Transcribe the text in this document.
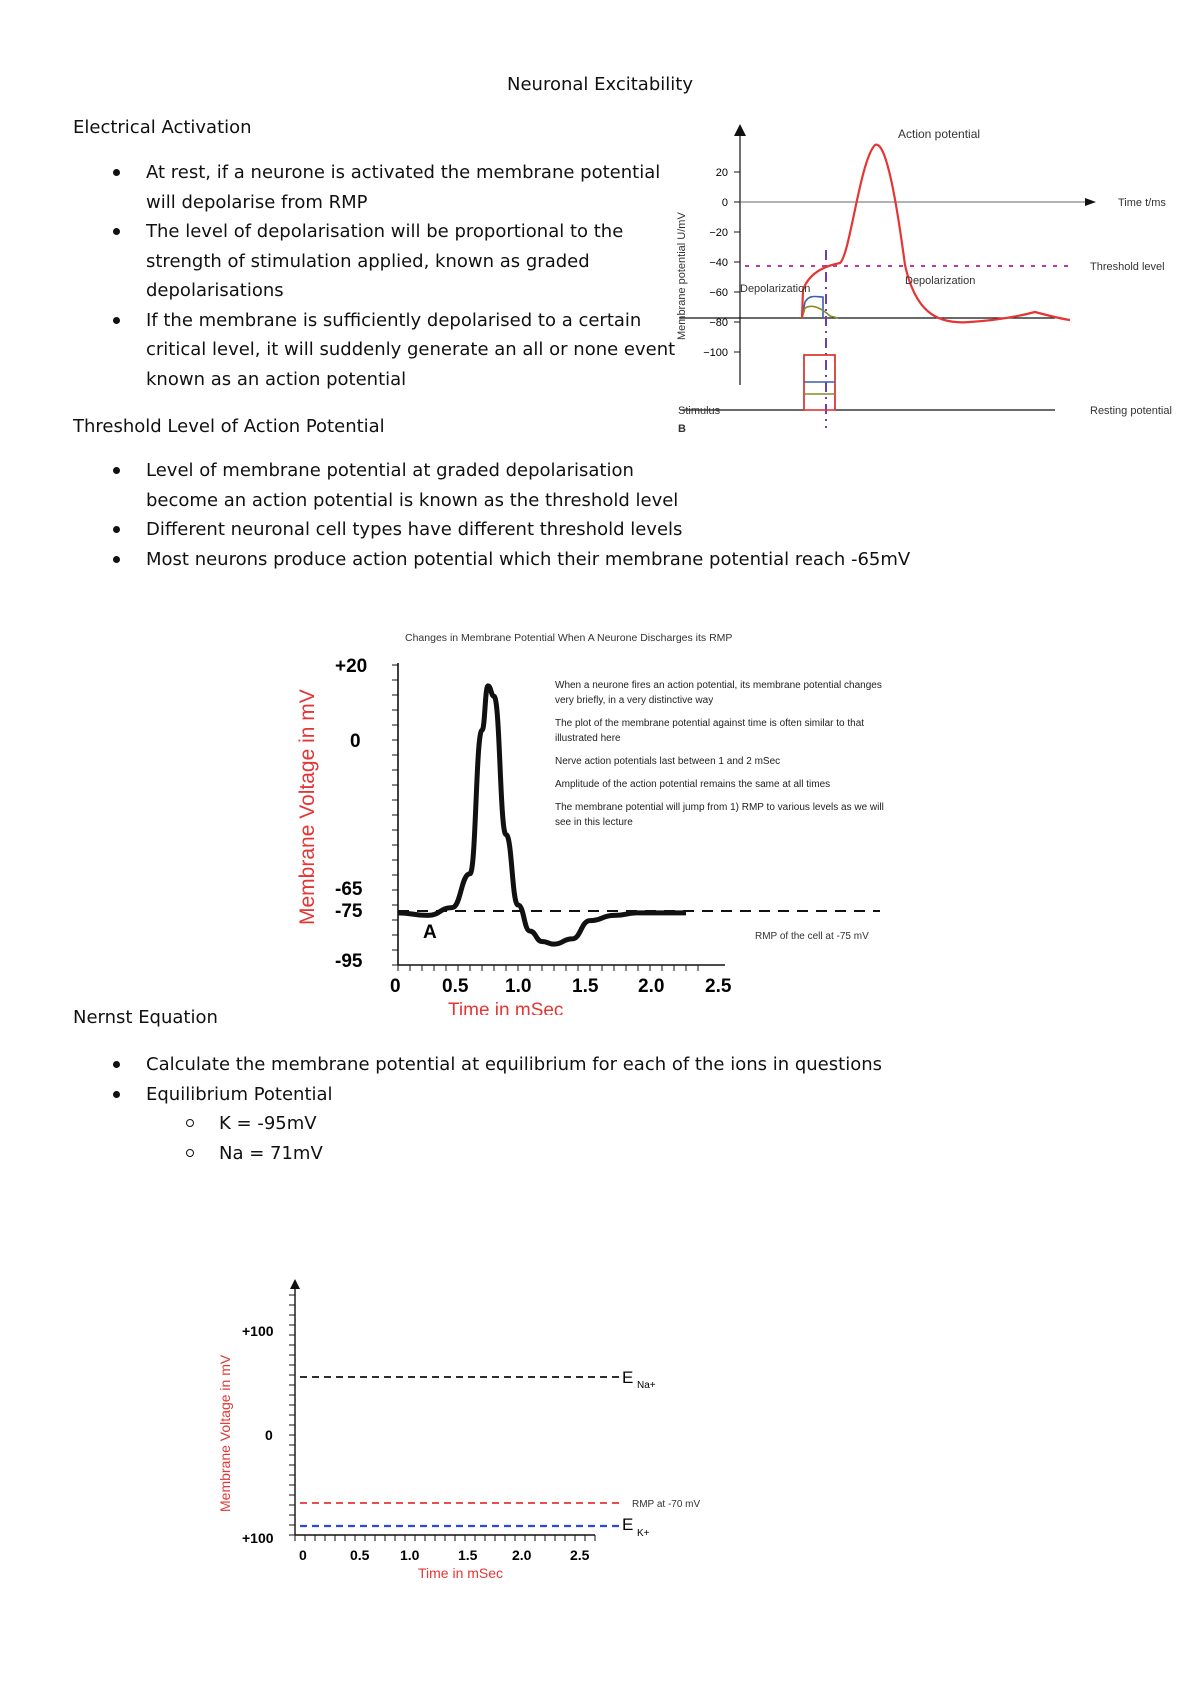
Neuronal Excitability
Electrical Activation
At rest, if a neurone is activated the membrane potential will depolarise from RMP
The level of depolarisation will be proportional to the strength of stimulation applied, known as graded depolarisations
If the membrane is sufficiently depolarised to a certain critical level, it will suddenly generate an all or none event known as an action potential
Threshold Level of Action Potential
Level of membrane potential at graded depolarisation become an action potential is known as the threshold level
Different neuronal cell types have different threshold levels
Most neurons produce action potential which their membrane potential reach -65mV
Nernst Equation
Calculate the membrane potential at equilibrium for each of the ions in questions
Equilibrium Potential
K = -95mV
Na = 71mV
Action potential
Time t/ms
Membrane potential U/mV
20
0
−20
−40
−60
−80
−100
Threshold level
Depolarization
Depolarization
Stimulus	Resting potential
B
Changes in Membrane Potential When A Neurone Discharges its RMP
Membrane Voltage in mV
+20
0
-65
-75
-95
0 0.5 1.0 1.5 2.0 2.5
Time in mSec
A	RMP of the cell at -75 mV
When a neurone fires an action potential, its membrane potential changes very briefly, in a very distinctive way
The plot of the membrane potential against time is often similar to that illustrated here
Nerve action potentials last between 1 and 2 mSec
Amplitude of the action potential remains the same at all times
The membrane potential will jump from 1) RMP to various levels as we will see in this lecture
Membrane Voltage in mV
+100
0
+100
0	0.5 1.0	1.5 2.0	2.5
Time in mSec
E Na+
RMP at -70 mV
E K+
